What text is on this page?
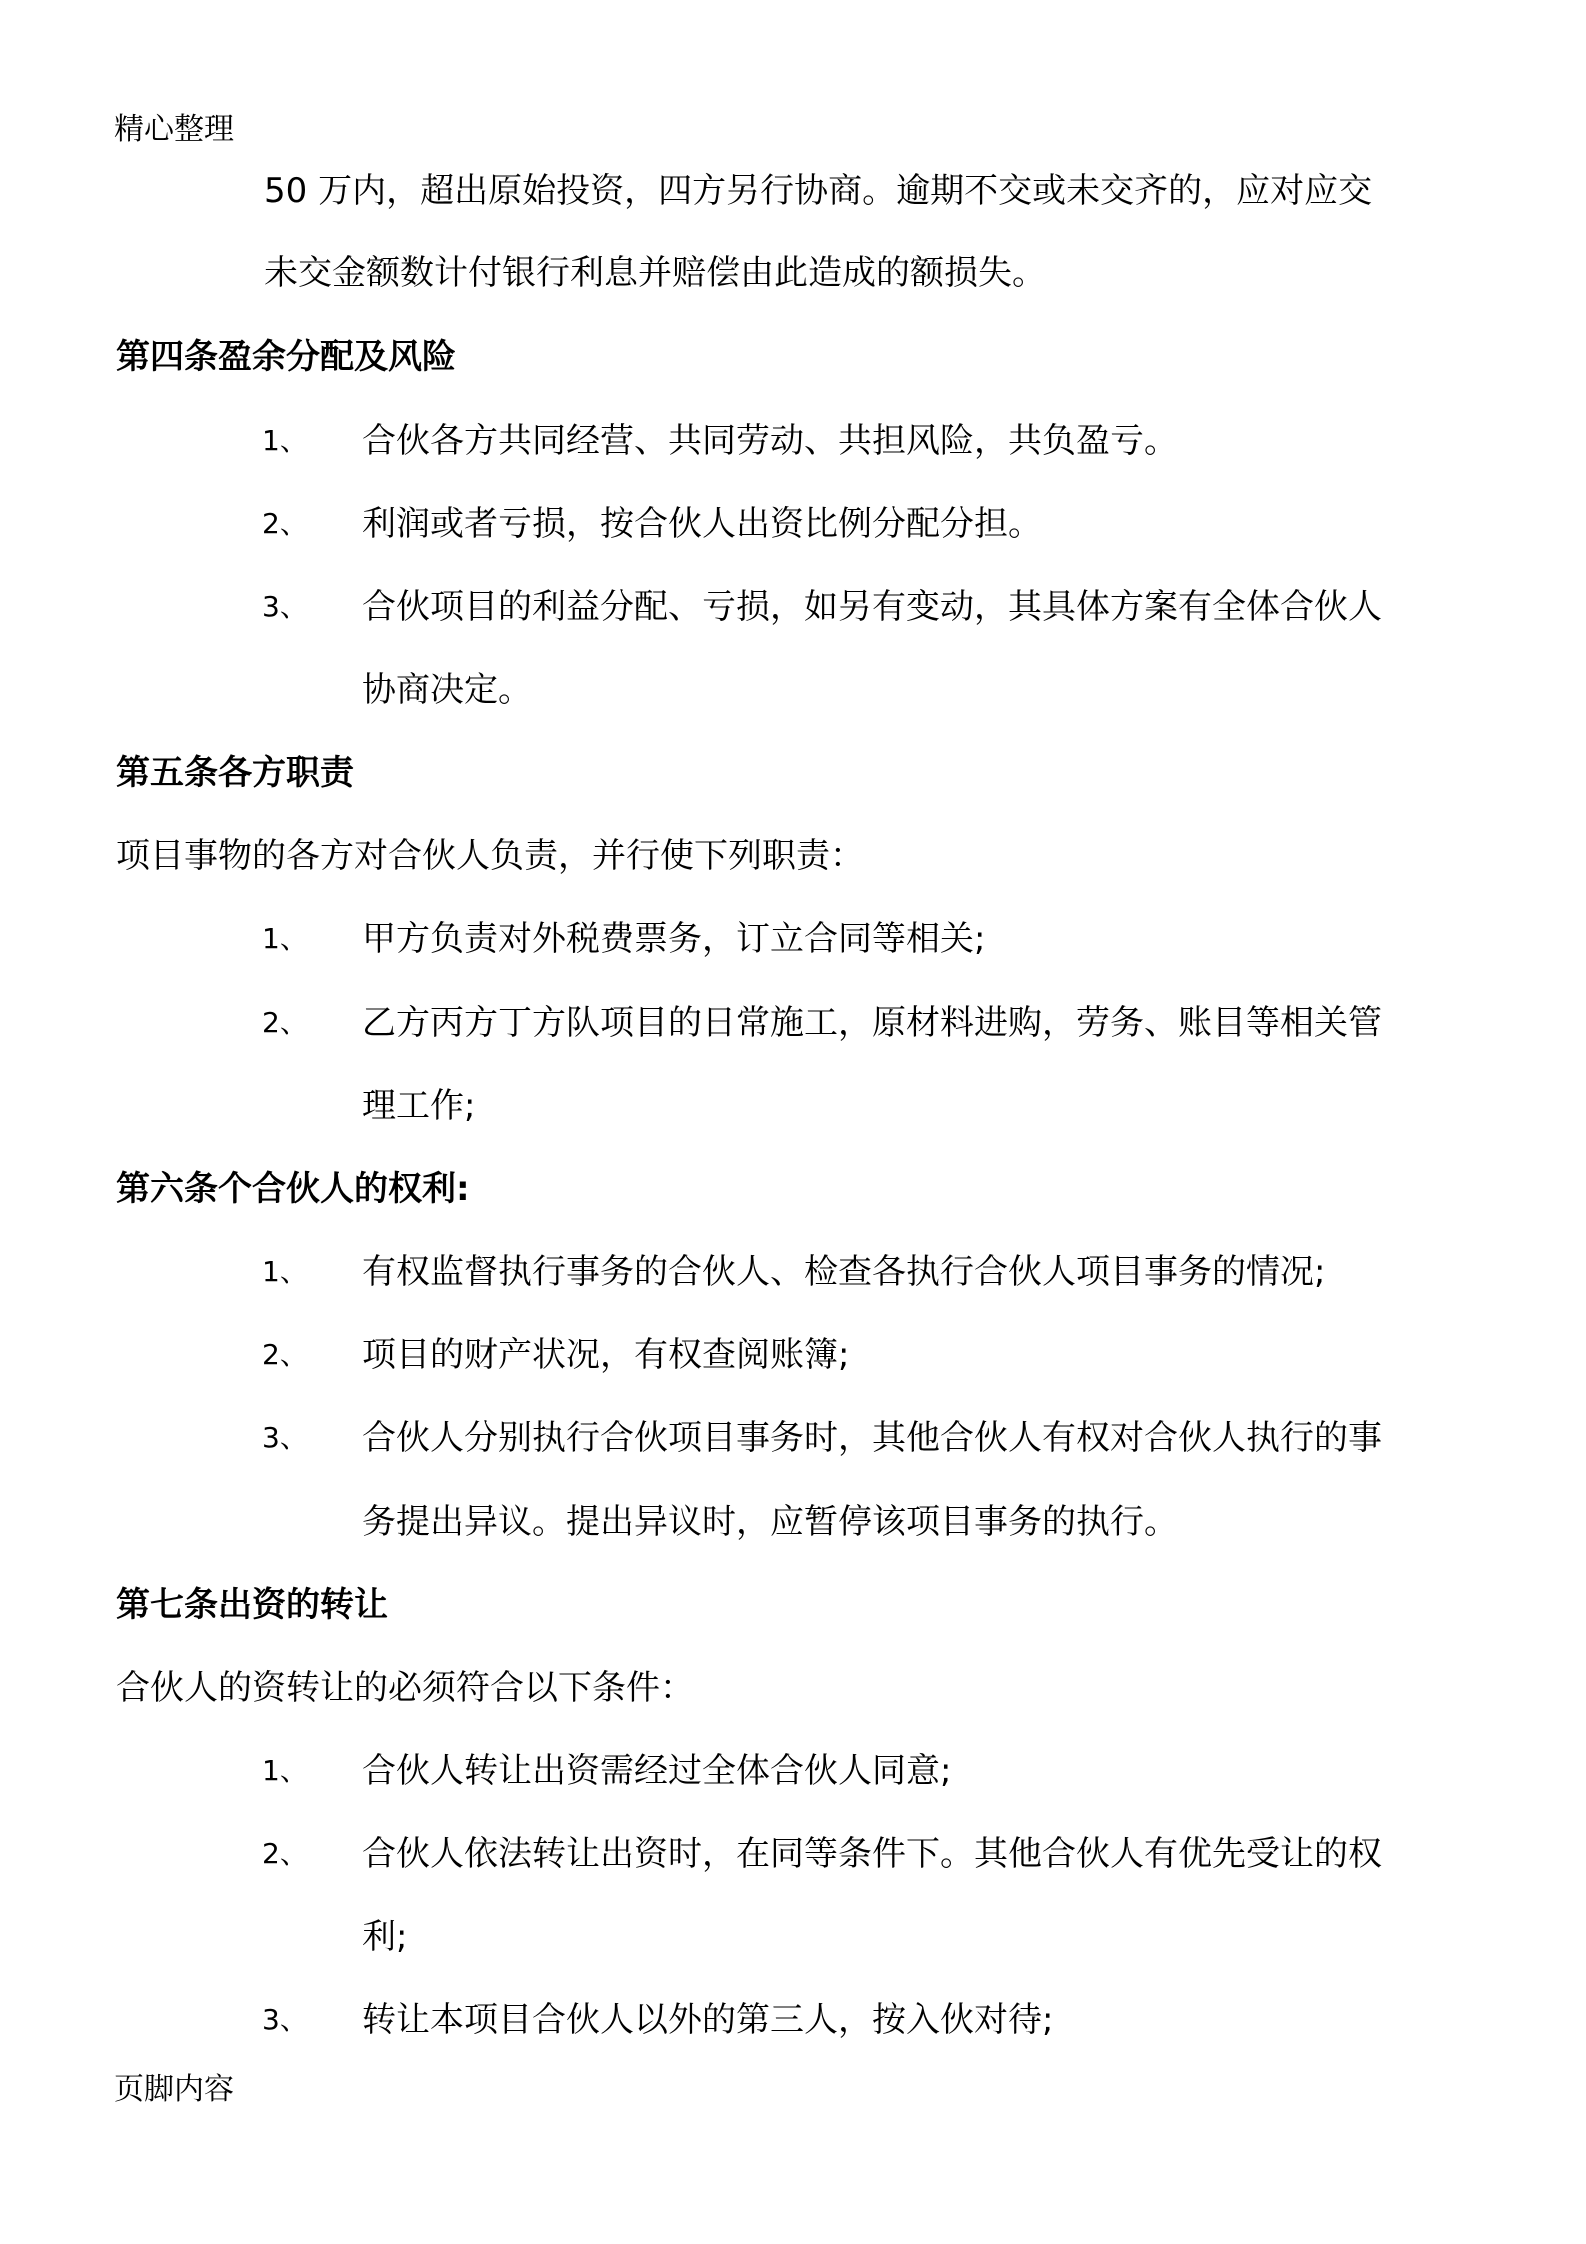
精心整理

50 万内，超出原始投资，四方另行协商。逾期不交或未交齐的，应对应交

未交金额数计付银行利息并赔偿由此造成的额损失。

第四条盈余分配及风险

1、 合伙各方共同经营、共同劳动、共担风险，共负盈亏。

2、 利润或者亏损，按合伙人出资比例分配分担。

3、 合伙项目的利益分配、亏损，如另有变动，其具体方案有全体合伙人

协商决定。

第五条各方职责

项目事物的各方对合伙人负责，并行使下列职责：

1、 甲方负责对外税费票务，订立合同等相关;

2、 乙方丙方丁方队项目的日常施工，原材料进购，劳务、账目等相关管

理工作;

第六条个合伙人的权利:

1、 有权监督执行事务的合伙人、检查各执行合伙人项目事务的情况;

2、 项目的财产状况，有权查阅账簿;

3、 合伙人分别执行合伙项目事务时，其他合伙人有权对合伙人执行的事

务提出异议。提出异议时，应暂停该项目事务的执行。

第七条出资的转让

合伙人的资转让的必须符合以下条件：

1、 合伙人转让出资需经过全体合伙人同意;

2、 合伙人依法转让出资时，在同等条件下。其他合伙人有优先受让的权

利;

3、 转让本项目合伙人以外的第三人，按入伙对待;

页脚内容
